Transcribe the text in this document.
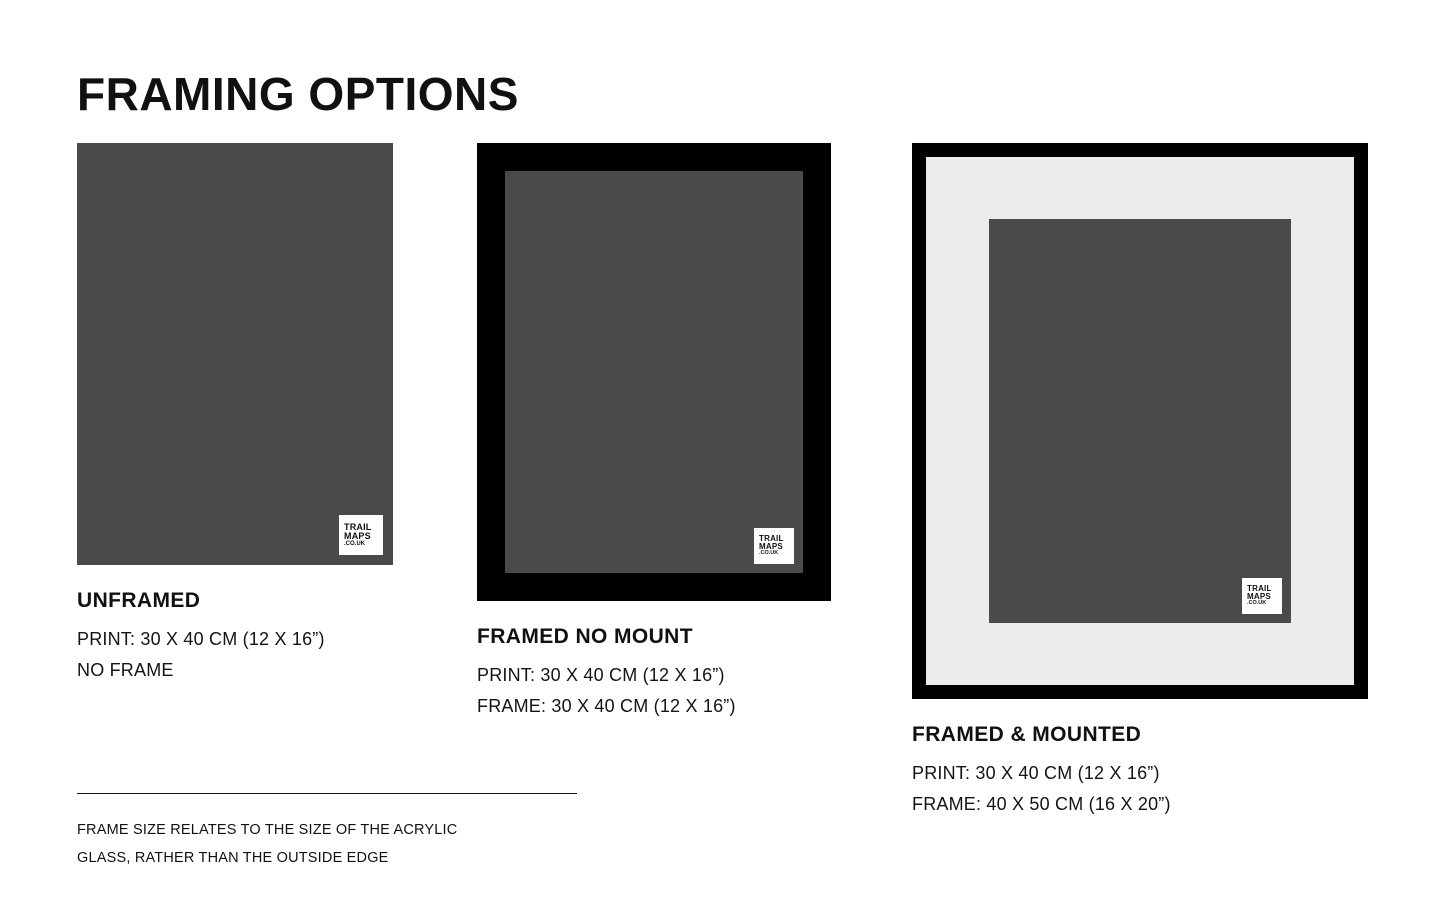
FRAMING OPTIONS
TRAIL
MAPS
.CO.UK
UNFRAMED
PRINT: 30 X 40 CM (12 X 16”)
NO FRAME
TRAIL
MAPS
.CO.UK
FRAMED NO MOUNT
PRINT: 30 X 40 CM (12 X 16”)
FRAME: 30 X 40 CM (12 X 16”)
TRAIL
MAPS
.CO.UK
FRAMED & MOUNTED
PRINT: 30 X 40 CM (12 X 16”)
FRAME: 40 X 50 CM (16 X 20”)
FRAME SIZE RELATES TO THE SIZE OF THE ACRYLIC
GLASS, RATHER THAN THE OUTSIDE EDGE
